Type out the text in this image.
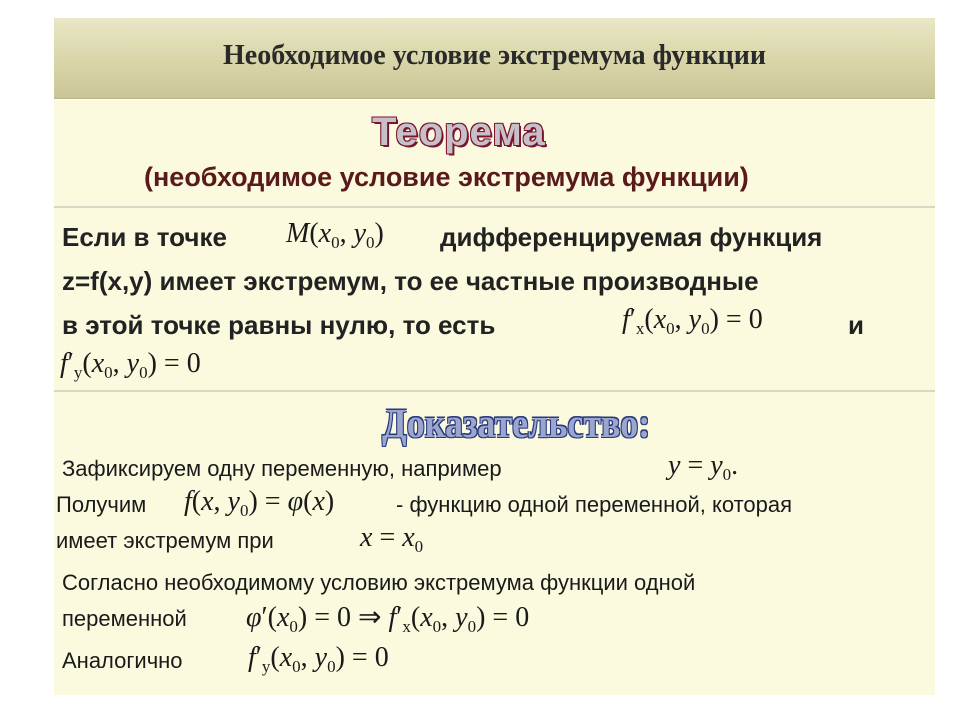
Необходимое условие экстремума функции
Теорема
(необходимое условие экстремума функции)
Если в точке $M(x_0$, $y_0$) дифференцируемая функция
z=f(x,y) имеет экстремум, то ее частные производные
в этой точке равны нулю, то есть	$f'_x(x_0$, $y_0) = 0$	и
$f'_y(x_0$, $y_0) = 0$
Доказательство:
Зафиксируем одну переменную, например	$y = y_0$.
Получим f(x, $y_0) = \varphi(x)$	- функцию одной переменной, которая
имеет экстремум при	$x = x_0$
Согласно необходимому условию экстремума функции одной
переменной $\varphi'(x_0) = 0$ ⇒ $f'_x(x_0$, $y_0) = 0$
Аналогично $f'_y(x_0$, $y_0) = 0$
